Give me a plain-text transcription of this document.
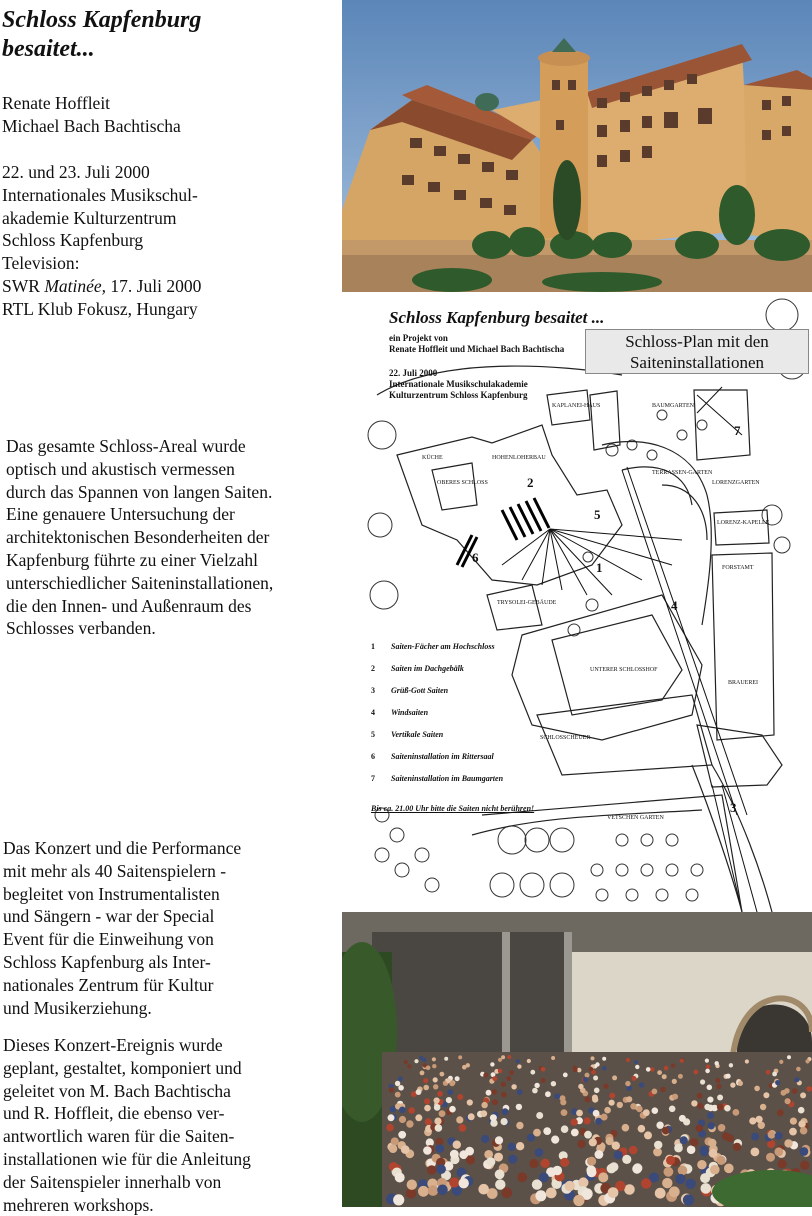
Schloss Kapfenburg
besaitet...
Renate Hoffleit
Michael Bach Bachtischa
22. und 23. Juli 2000
Internationales Musikschul-
akademie Kulturzentrum
Schloss Kapfenburg
Television:
SWR Matinée, 17. Juli 2000
RTL Klub Fokusz, Hungary
Das gesamte Schloss-Areal wurde
optisch und akustisch vermessen
durch das Spannen von langen Saiten.
Eine genauere Untersuchung der
architektonischen Besonderheiten der
Kapfenburg führte zu einer Vielzahl
unterschiedlicher Saiteninstallationen,
die den Innen- und Außenraum des
Schlosses verbanden.
Das Konzert und die Performance
mit mehr als 40 Saitenspielern -
begleitet von Instrumentalisten
und Sängern - war der Special
Event für die Einweihung von
Schloss Kapfenburg als Inter-
nationales Zentrum für Kultur
und Musikerziehung.
Dieses Konzert-Ereignis wurde
geplant, gestaltet, komponiert und
geleitet von M. Bach Bachtischa
und R. Hoffleit, die ebenso ver-
antwortlich waren für die Saiten-
installationen wie für die Anleitung
der Saitenspieler innerhalb von
mehreren workshops.
2
1
5
6
4
3
7
KÜCHE	HOHENLOHERBAU
OBERES SCHLOSS
KAPLANEI-HAUS	BAUMGARTEN
TERRASSEN-GARTEN
LORENZGARTEN
LORENZ-KAPELLE
FORSTAMT
TRYSOLEI-GEBÄUDE
UNTERER SCHLOSSHOF
BRAUEREI
SCHLOSSCHEUER
VETSCHEN GARTEN
Schloss Kapfenburg besaitet ...
ein Projekt von
Renate Hoffleit und Michael Bach Bachtischa
22. Juli 2000
Internationale Musikschulakademie
Kulturzentrum Schloss Kapfenburg
Schloss-Plan mit den
Saiteninstallationen
1 Saiten-Fächer am Hochschloss
2 Saiten im Dachgebälk
3 Grüß-Gott Saiten
4 Windsaiten
5 Vertikale Saiten
6 Saiteninstallation im Rittersaal
7 Saiteninstallation im Baumgarten
Bis ca. 21.00 Uhr bitte die Saiten nicht berühren!
